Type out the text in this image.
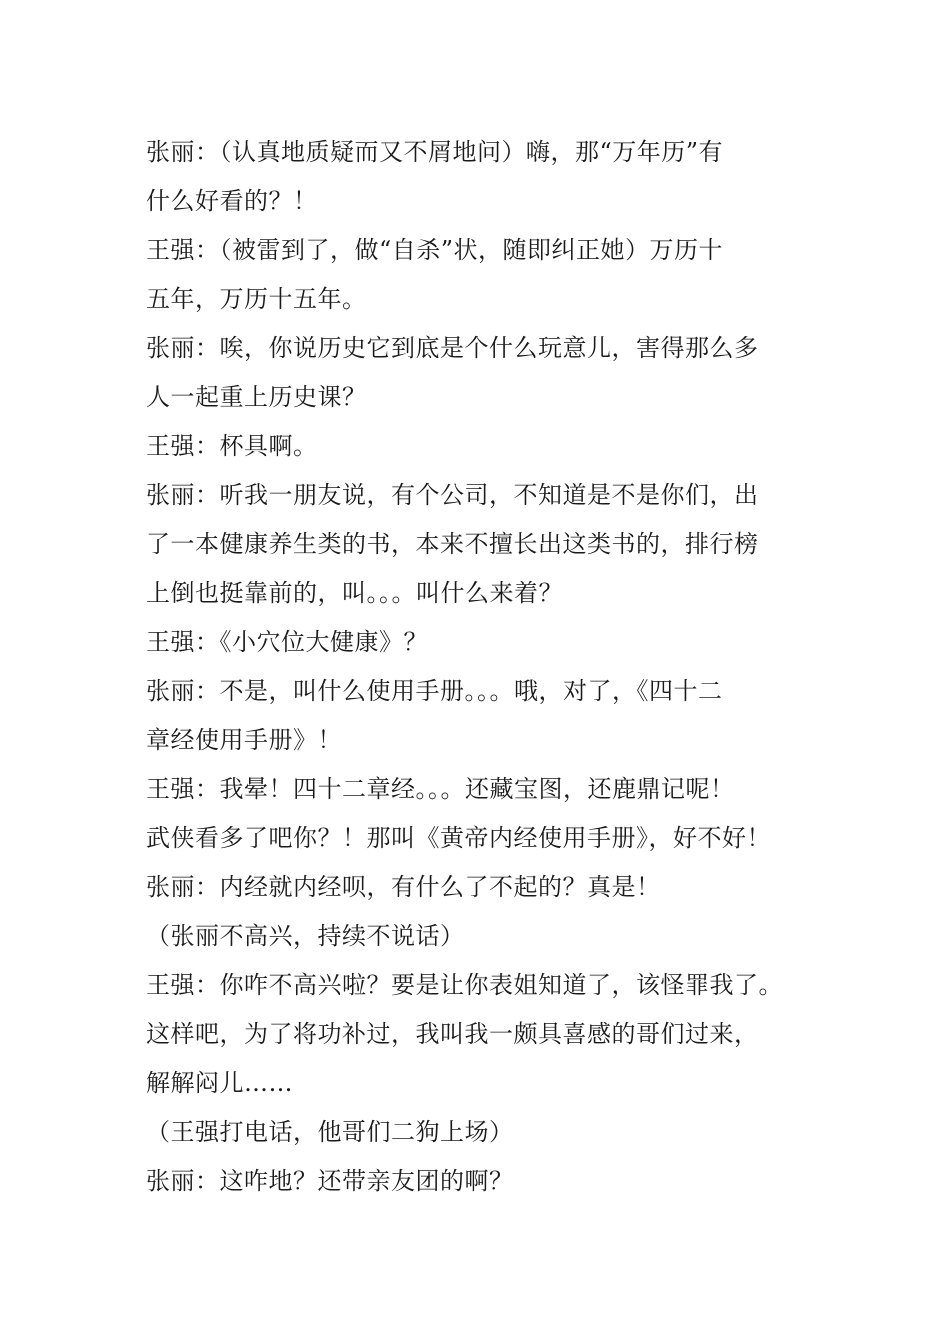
张丽：（认真地质疑而又不屑地问）嗨，那“万年历”有
什么好看的？！
王强：（被雷到了，做“自杀”状，随即纠正她）万历十
五年，万历十五年。
张丽：唉，你说历史它到底是个什么玩意儿，害得那么多
人一起重上历史课？
王强：杯具啊。
张丽：听我一朋友说，有个公司，不知道是不是你们，出
了一本健康养生类的书，本来不擅长出这类书的，排行榜
上倒也挺靠前的，叫。。。叫什么来着？
王强：《小穴位大健康》？
张丽：不是，叫什么使用手册。。。哦，对了，《四十二
章经使用手册》！
王强：我晕！四十二章经。。。还藏宝图，还鹿鼎记呢！
武侠看多了吧你？！那叫《黄帝内经使用手册》，好不好！
张丽：内经就内经呗，有什么了不起的？真是！
（张丽不高兴，持续不说话）
王强：你咋不高兴啦？要是让你表姐知道了，该怪罪我了。
这样吧，为了将功补过，我叫我一颇具喜感的哥们过来，
解解闷儿……
（王强打电话，他哥们二狗上场）
张丽：这咋地？还带亲友团的啊？
